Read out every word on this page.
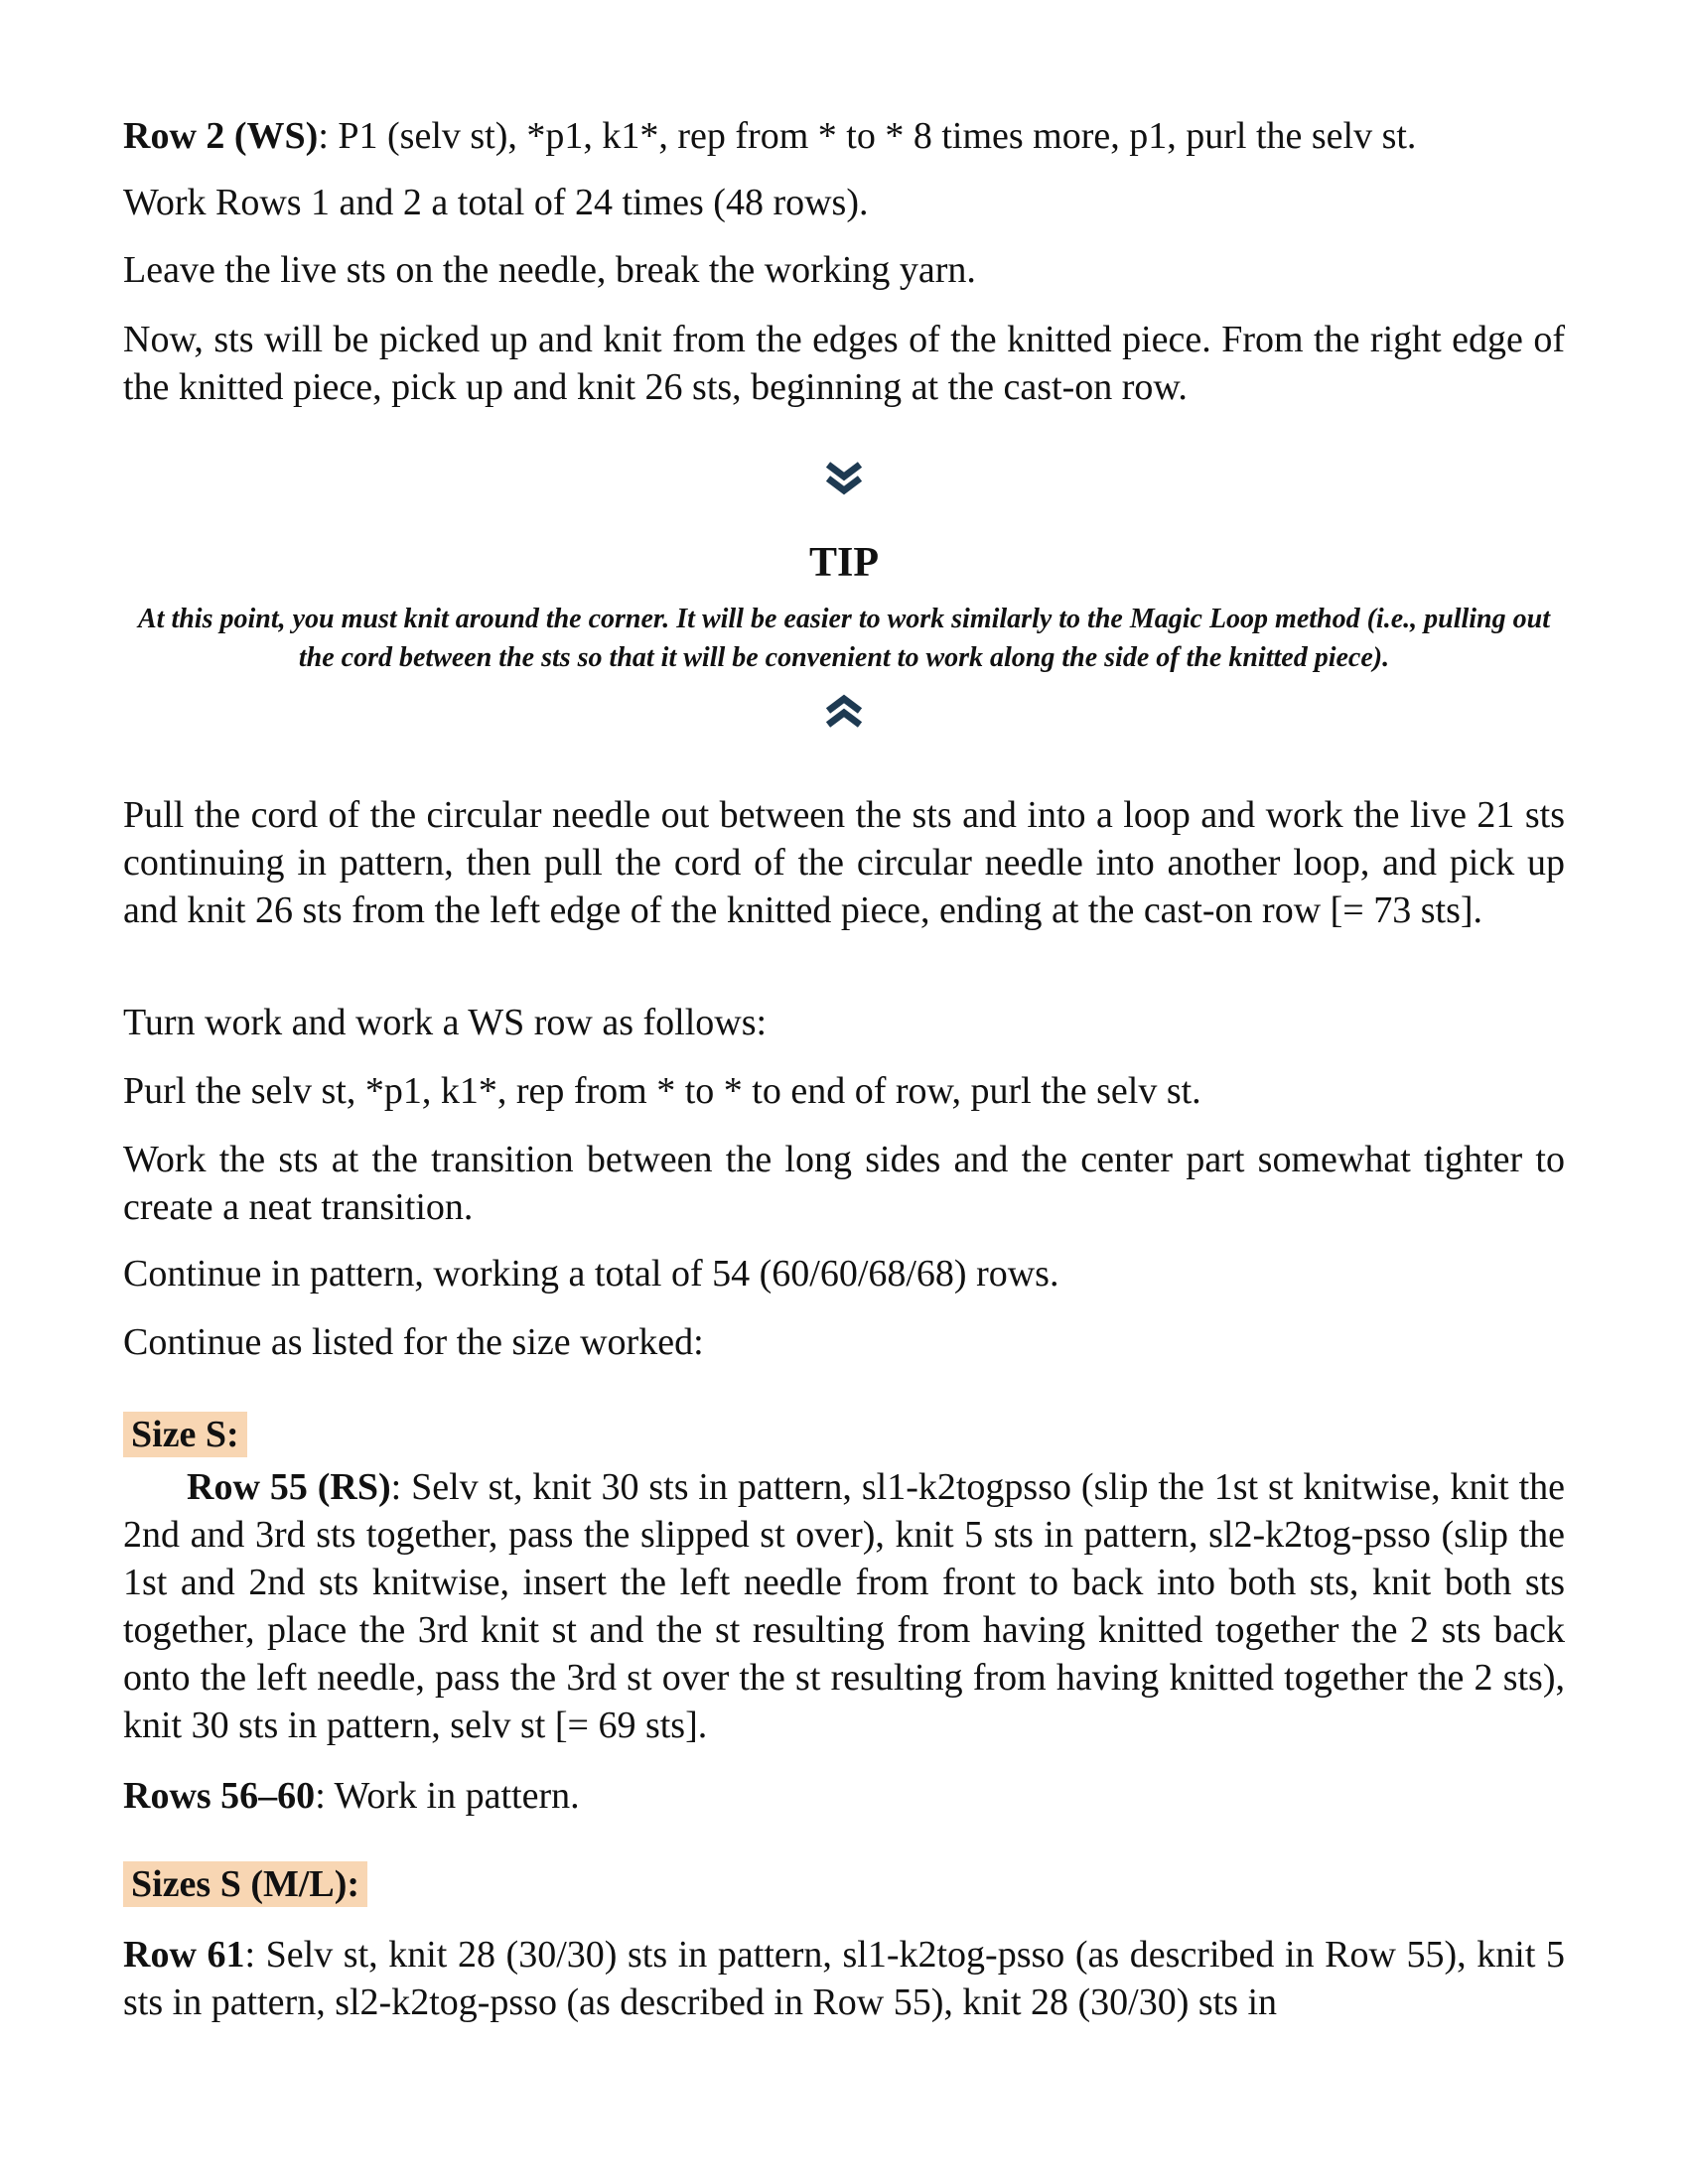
Row 2 (WS): P1 (selv st), *p1, k1*, rep from * to * 8 times more, p1, purl the selv st.

Work Rows 1 and 2 a total of 24 times (48 rows).

Leave the live sts on the needle, break the working yarn.

Now, sts will be picked up and knit from the edges of the knitted piece. From the right edge of the knitted piece, pick up and knit 26 sts, beginning at the cast-on row.

TIP
At this point, you must knit around the corner. It will be easier to work similarly to the Magic Loop method (i.e., pulling out the cord between the sts so that it will be convenient to work along the side of the knitted piece).

Pull the cord of the circular needle out between the sts and into a loop and work the live 21 sts continuing in pattern, then pull the cord of the circular needle into another loop, and pick up and knit 26 sts from the left edge of the knitted piece, ending at the cast-on row [= 73 sts].

Turn work and work a WS row as follows:

Purl the selv st, *p1, k1*, rep from * to * to end of row, purl the selv st.

Work the sts at the transition between the long sides and the center part somewhat tighter to create a neat transition.

Continue in pattern, working a total of 54 (60/60/68/68) rows.

Continue as listed for the size worked:

Size S:

Row 55 (RS): Selv st, knit 30 sts in pattern, sl1-k2togpsso (slip the 1st st knitwise, knit the 2nd and 3rd sts together, pass the slipped st over), knit 5 sts in pattern, sl2-k2tog-psso (slip the 1st and 2nd sts knitwise, insert the left needle from front to back into both sts, knit both sts together, place the 3rd knit st and the st resulting from having knitted together the 2 sts back onto the left needle, pass the 3rd st over the st resulting from having knitted together the 2 sts), knit 30 sts in pattern, selv st [= 69 sts].

Rows 56–60: Work in pattern.

Sizes S (M/L):

Row 61: Selv st, knit 28 (30/30) sts in pattern, sl1-k2tog-psso (as described in Row 55), knit 5 sts in pattern, sl2-k2tog-psso (as described in Row 55), knit 28 (30/30) sts in
